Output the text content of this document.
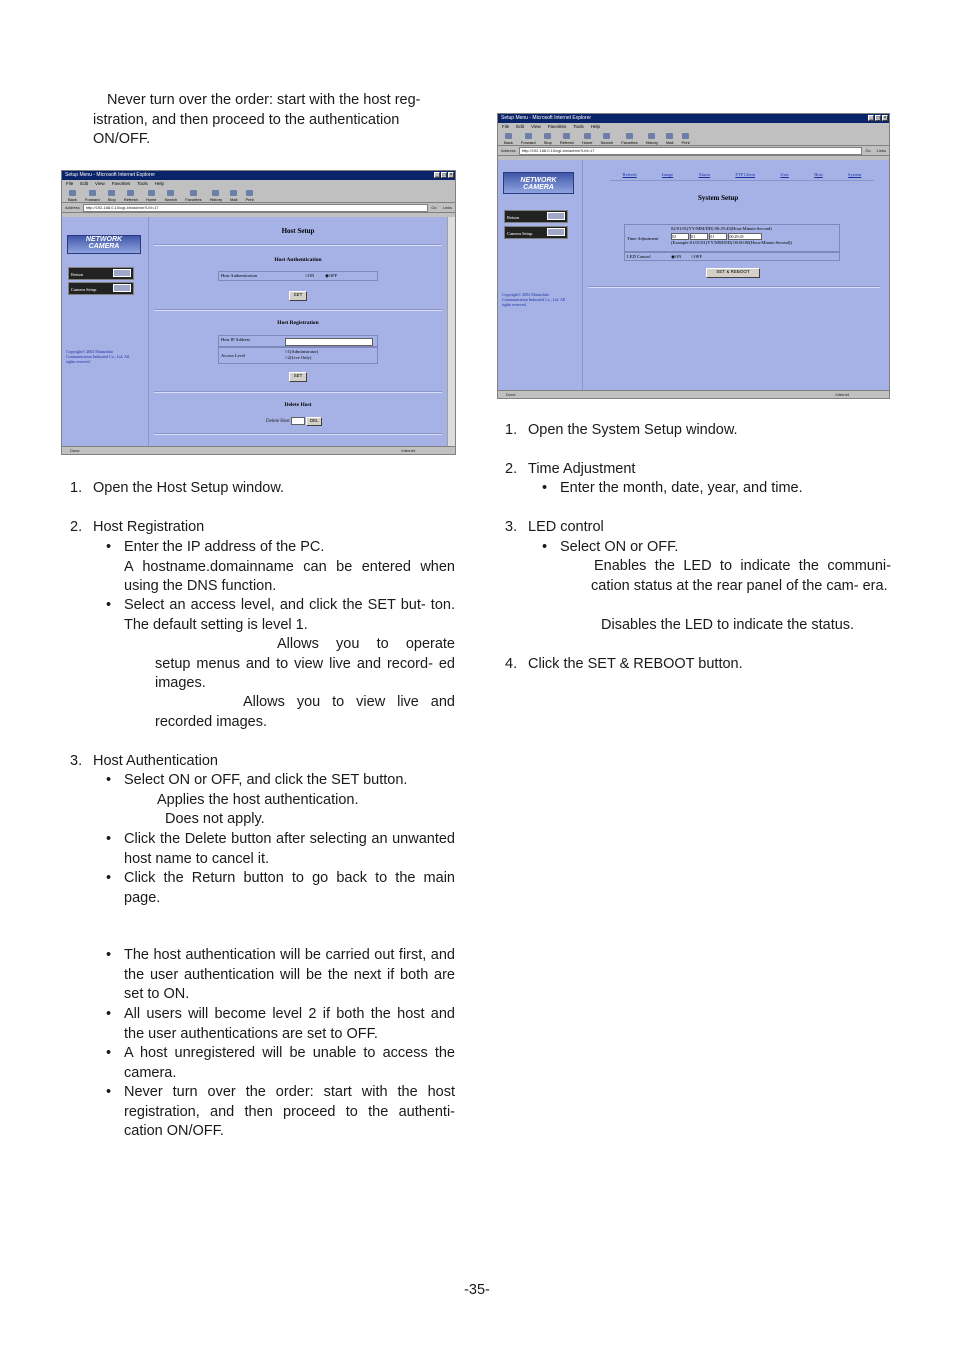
Never turn over the order: start with the host reg-
istration, and then proceed to the authentication
ON/OFF.
Setup Menu - Microsoft Internet Explorer	_ □ ×
File Edit View Favorites Tools Help
Back Forward Stop Refresh Home Search Favorites History Mail Print
Address	http://192.168.0.10/cgi-bin/admin?LM=17	Go Links
NETWORK
CAMERA
Return
Camera Setup
Copyright© 2002 Matsushita Communication Industrial Co., Ltd. All rights reserved.
Host Setup
Host Authentication
Host Authentication	○ON ◉OFF
SET
Host Registration
Host IP Address
Access Level
○1(Administrator)
○2(Live Only)
SET
Delete Host
Delete Host	DEL
Done	Internet
1. Open the Host Setup window.
2. Host Registration
• Enter the IP address of the PC.
A hostname.domainname can be entered when using the DNS function.
• Select an access level, and click the SET but- ton. The default setting is level 1.
Allows you to operate setup menus and to view live and record- ed images.
Allows you to view live and recorded images.
3. Host Authentication
• Select ON or OFF, and click the SET button.
Applies the host authentication.
Does not apply.
• Click the Delete button after selecting an unwanted host name to cancel it.
• Click the Return button to go back to the main page.
• The host authentication will be carried out first, and the user authentication will be the next if both are set to ON.
• All users will become level 2 if both the host and the user authentications are set to OFF.
• A host unregistered will be unable to access the camera.
• Never turn over the order: start with the host registration, and then proceed to the authenti- cation ON/OFF.
Setup Menu - Microsoft Internet Explorer	_ □ ×
File Edit View Favorites Tools Help
Back Forward Stop Refresh Home Search Favorites History Mail Print
Address	http://192.168.0.10/cgi-bin/admin?LM=17	Go Links
NETWORK
CAMERA
Return
Camera Setup
Copyright© 2002 Matsushita Communication Industrial Co., Ltd. All rights reserved.
Refresh	Image	Alarm	FTP Client	User	Host	System
System Setup
Time Adjustment
02/01/01(YY/MM/DD) 00:29:45(Hour:Minute:Second)
02	01	01	00:29:45
(Example:01/01/01(YY/MM/DD) 00:00:00(Hour:Minute:Second))
LED Control	◉ON ○OFF
SET & REBOOT
Done	Internet
1. Open the System Setup window.
2. Time Adjustment
• Enter the month, date, year, and time.
3. LED control
• Select ON or OFF.
Enables the LED to indicate the communi- cation status at the rear panel of the cam- era.
Disables the LED to indicate the status.
4. Click the SET & REBOOT button.
-35-
